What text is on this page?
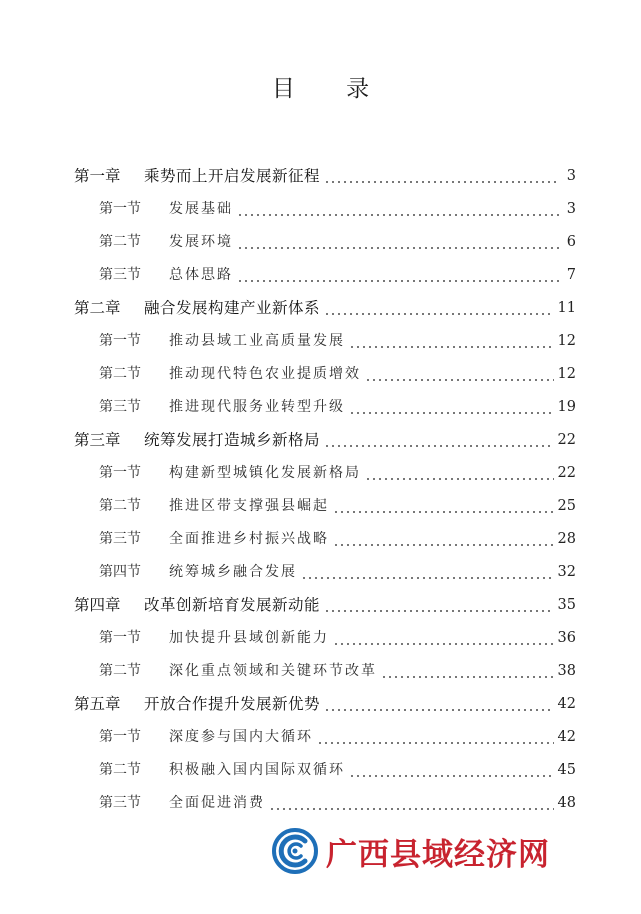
目 录
第一章	乘势而上开启发展新征程	3
第一节	发展基础	3
第二节	发展环境	6
第三节	总体思路	7
第二章	融合发展构建产业新体系	11
第一节	推动县域工业高质量发展	12
第二节	推动现代特色农业提质增效	12
第三节	推进现代服务业转型升级	19
第三章	统筹发展打造城乡新格局	22
第一节	构建新型城镇化发展新格局	22
第二节	推进区带支撑强县崛起	25
第三节	全面推进乡村振兴战略	28
第四节	统筹城乡融合发展	32
第四章	改革创新培育发展新动能	35
第一节	加快提升县域创新能力	36
第二节	深化重点领域和关键环节改革	38
第五章	开放合作提升发展新优势	42
第一节	深度参与国内大循环	42
第二节	积极融入国内国际双循环	45
第三节	全面促进消费	48
广西县域经济网
